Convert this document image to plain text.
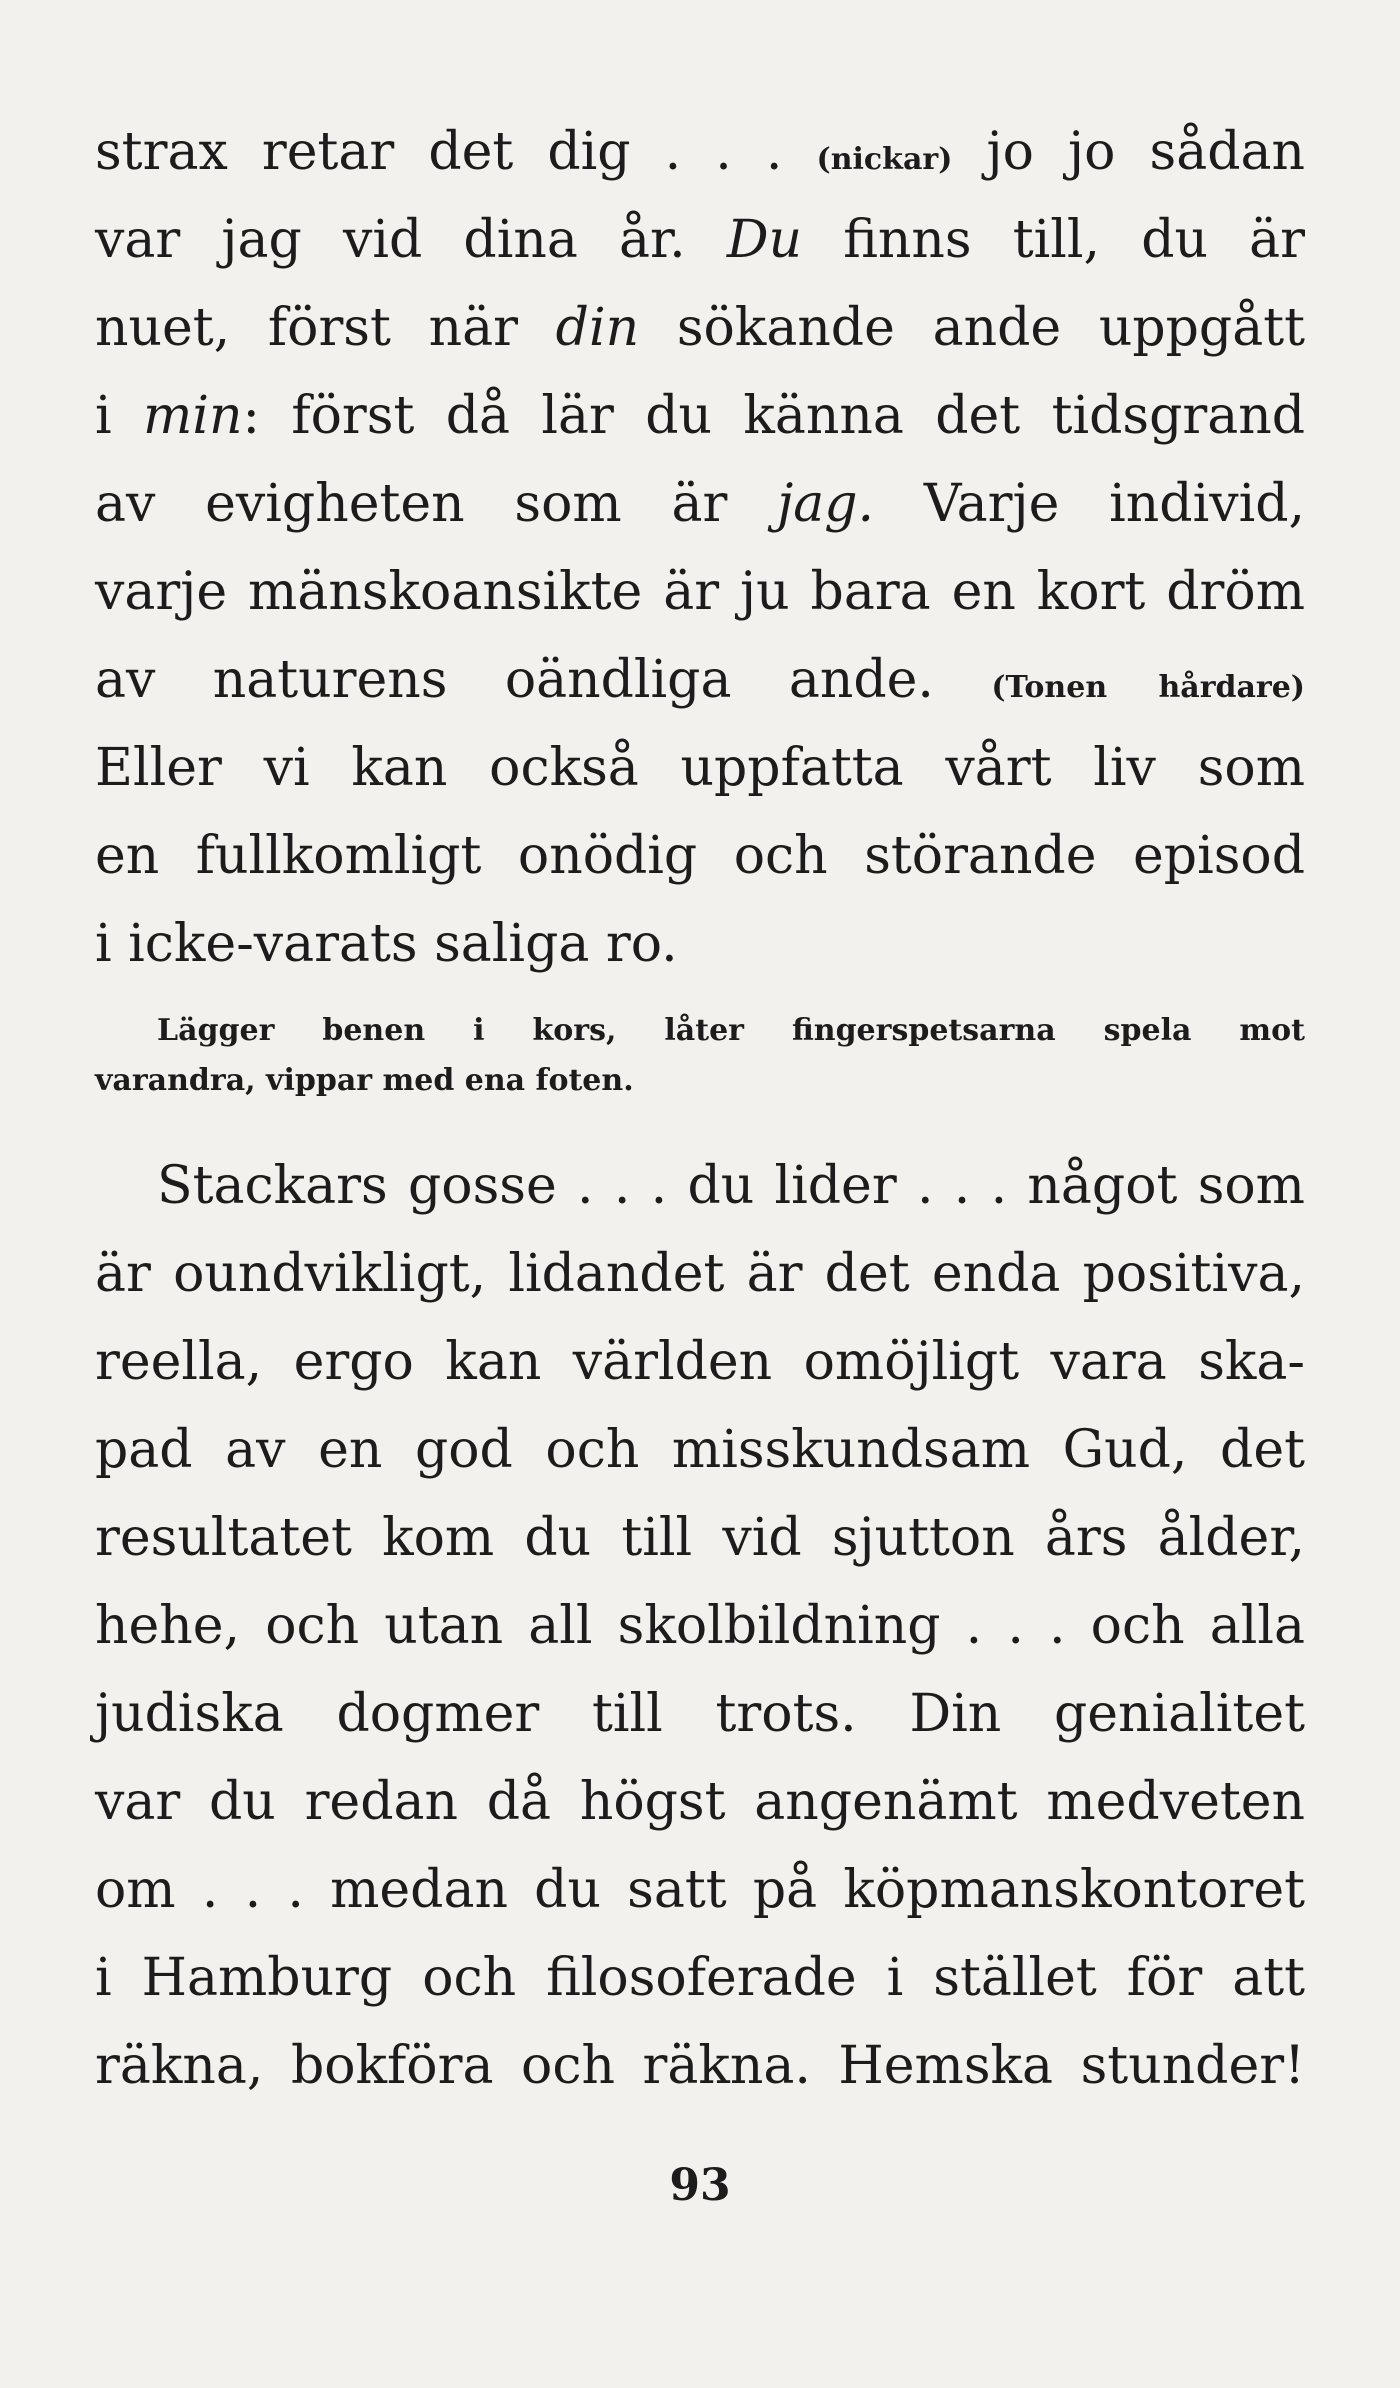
strax retar det dig . . . (nickar) jo jo sådan
var jag vid dina år. Du finns till, du är
nuet, först när din sökande ande uppgått
i min: först då lär du känna det tidsgrand
av evigheten som är jag. Varje individ,
varje mänskoansikte är ju bara en kort dröm
av naturens oändliga ande. (Tonen hårdare)
Eller vi kan också uppfatta vårt liv som
en fullkomligt onödig och störande episod
i icke-varats saliga ro.
Lägger benen i kors, låter fingerspetsarna spela mot
varandra, vippar med ena foten.
Stackars gosse . . . du lider . . . något som
är oundvikligt, lidandet är det enda positiva,
reella, ergo kan världen omöjligt vara ska-
pad av en god och misskundsam Gud, det
resultatet kom du till vid sjutton års ålder,
hehe, och utan all skolbildning . . . och alla
judiska dogmer till trots. Din genialitet
var du redan då högst angenämt medveten
om . . . medan du satt på köpmanskontoret
i Hamburg och filosoferade i stället för att
räkna, bokföra och räkna. Hemska stunder!
93
